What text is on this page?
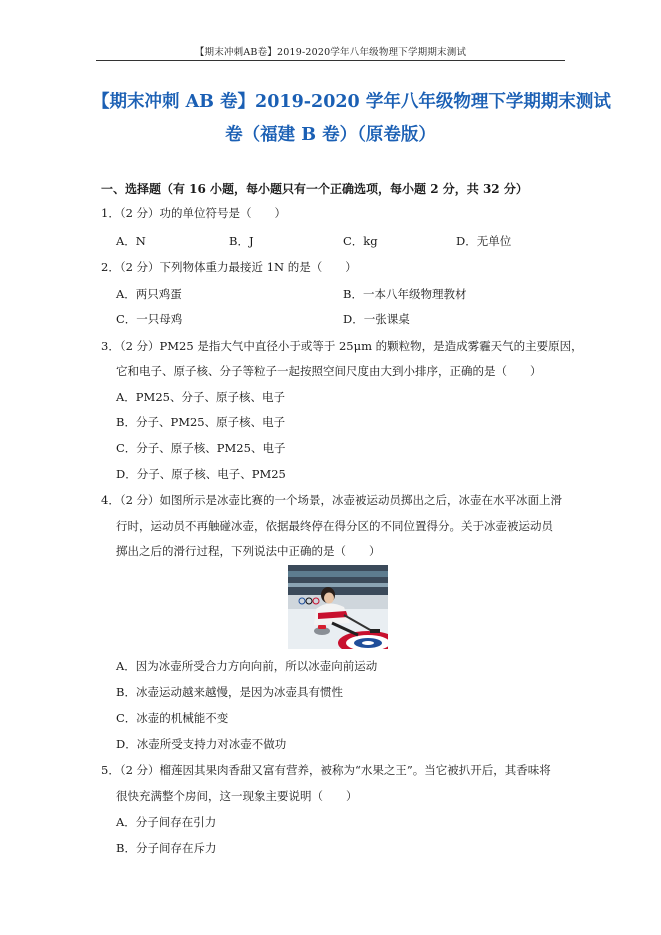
【期末冲刺AB卷】2019-2020学年八年级物理下学期期末测试
【期末冲刺 AB 卷】2019-2020 学年八年级物理下学期期末测试
卷（福建 B 卷）（原卷版）
一、选择题（有 16 小题，每小题只有一个正确选项，每小题 2 分，共 32 分）
1．（2 分）功的单位符号是（　　）
A．N	B．J	C．kg	D．无单位
2．（2 分）下列物体重力最接近 1N 的是（　　）
A．两只鸡蛋	B．一本八年级物理教材
C．一只母鸡	D．一张课桌
3．（2 分）PM25 是指大气中直径小于或等于 25μm 的颗粒物，是造成雾霾天气的主要原因，
它和电子、原子核、分子等粒子一起按照空间尺度由大到小排序，正确的是（　　）
A．PM25、分子、原子核、电子
B．分子、PM25、原子核、电子
C．分子、原子核、PM25、电子
D．分子、原子核、电子、PM25
4．（2 分）如图所示是冰壶比赛的一个场景，冰壶被运动员掷出之后，冰壶在水平冰面上滑
行时，运动员不再触碰冰壶，依据最终停在得分区的不同位置得分。关于冰壶被运动员
掷出之后的滑行过程，下列说法中正确的是（　　）
A．因为冰壶所受合力方向向前，所以冰壶向前运动
B．冰壶运动越来越慢，是因为冰壶具有惯性
C．冰壶的机械能不变
D．冰壶所受支持力对冰壶不做功
5．（2 分）榴莲因其果肉香甜又富有营养，被称为“水果之王”。当它被扒开后，其香味将
很快充满整个房间，这一现象主要说明（　　）
A．分子间存在引力
B．分子间存在斥力
